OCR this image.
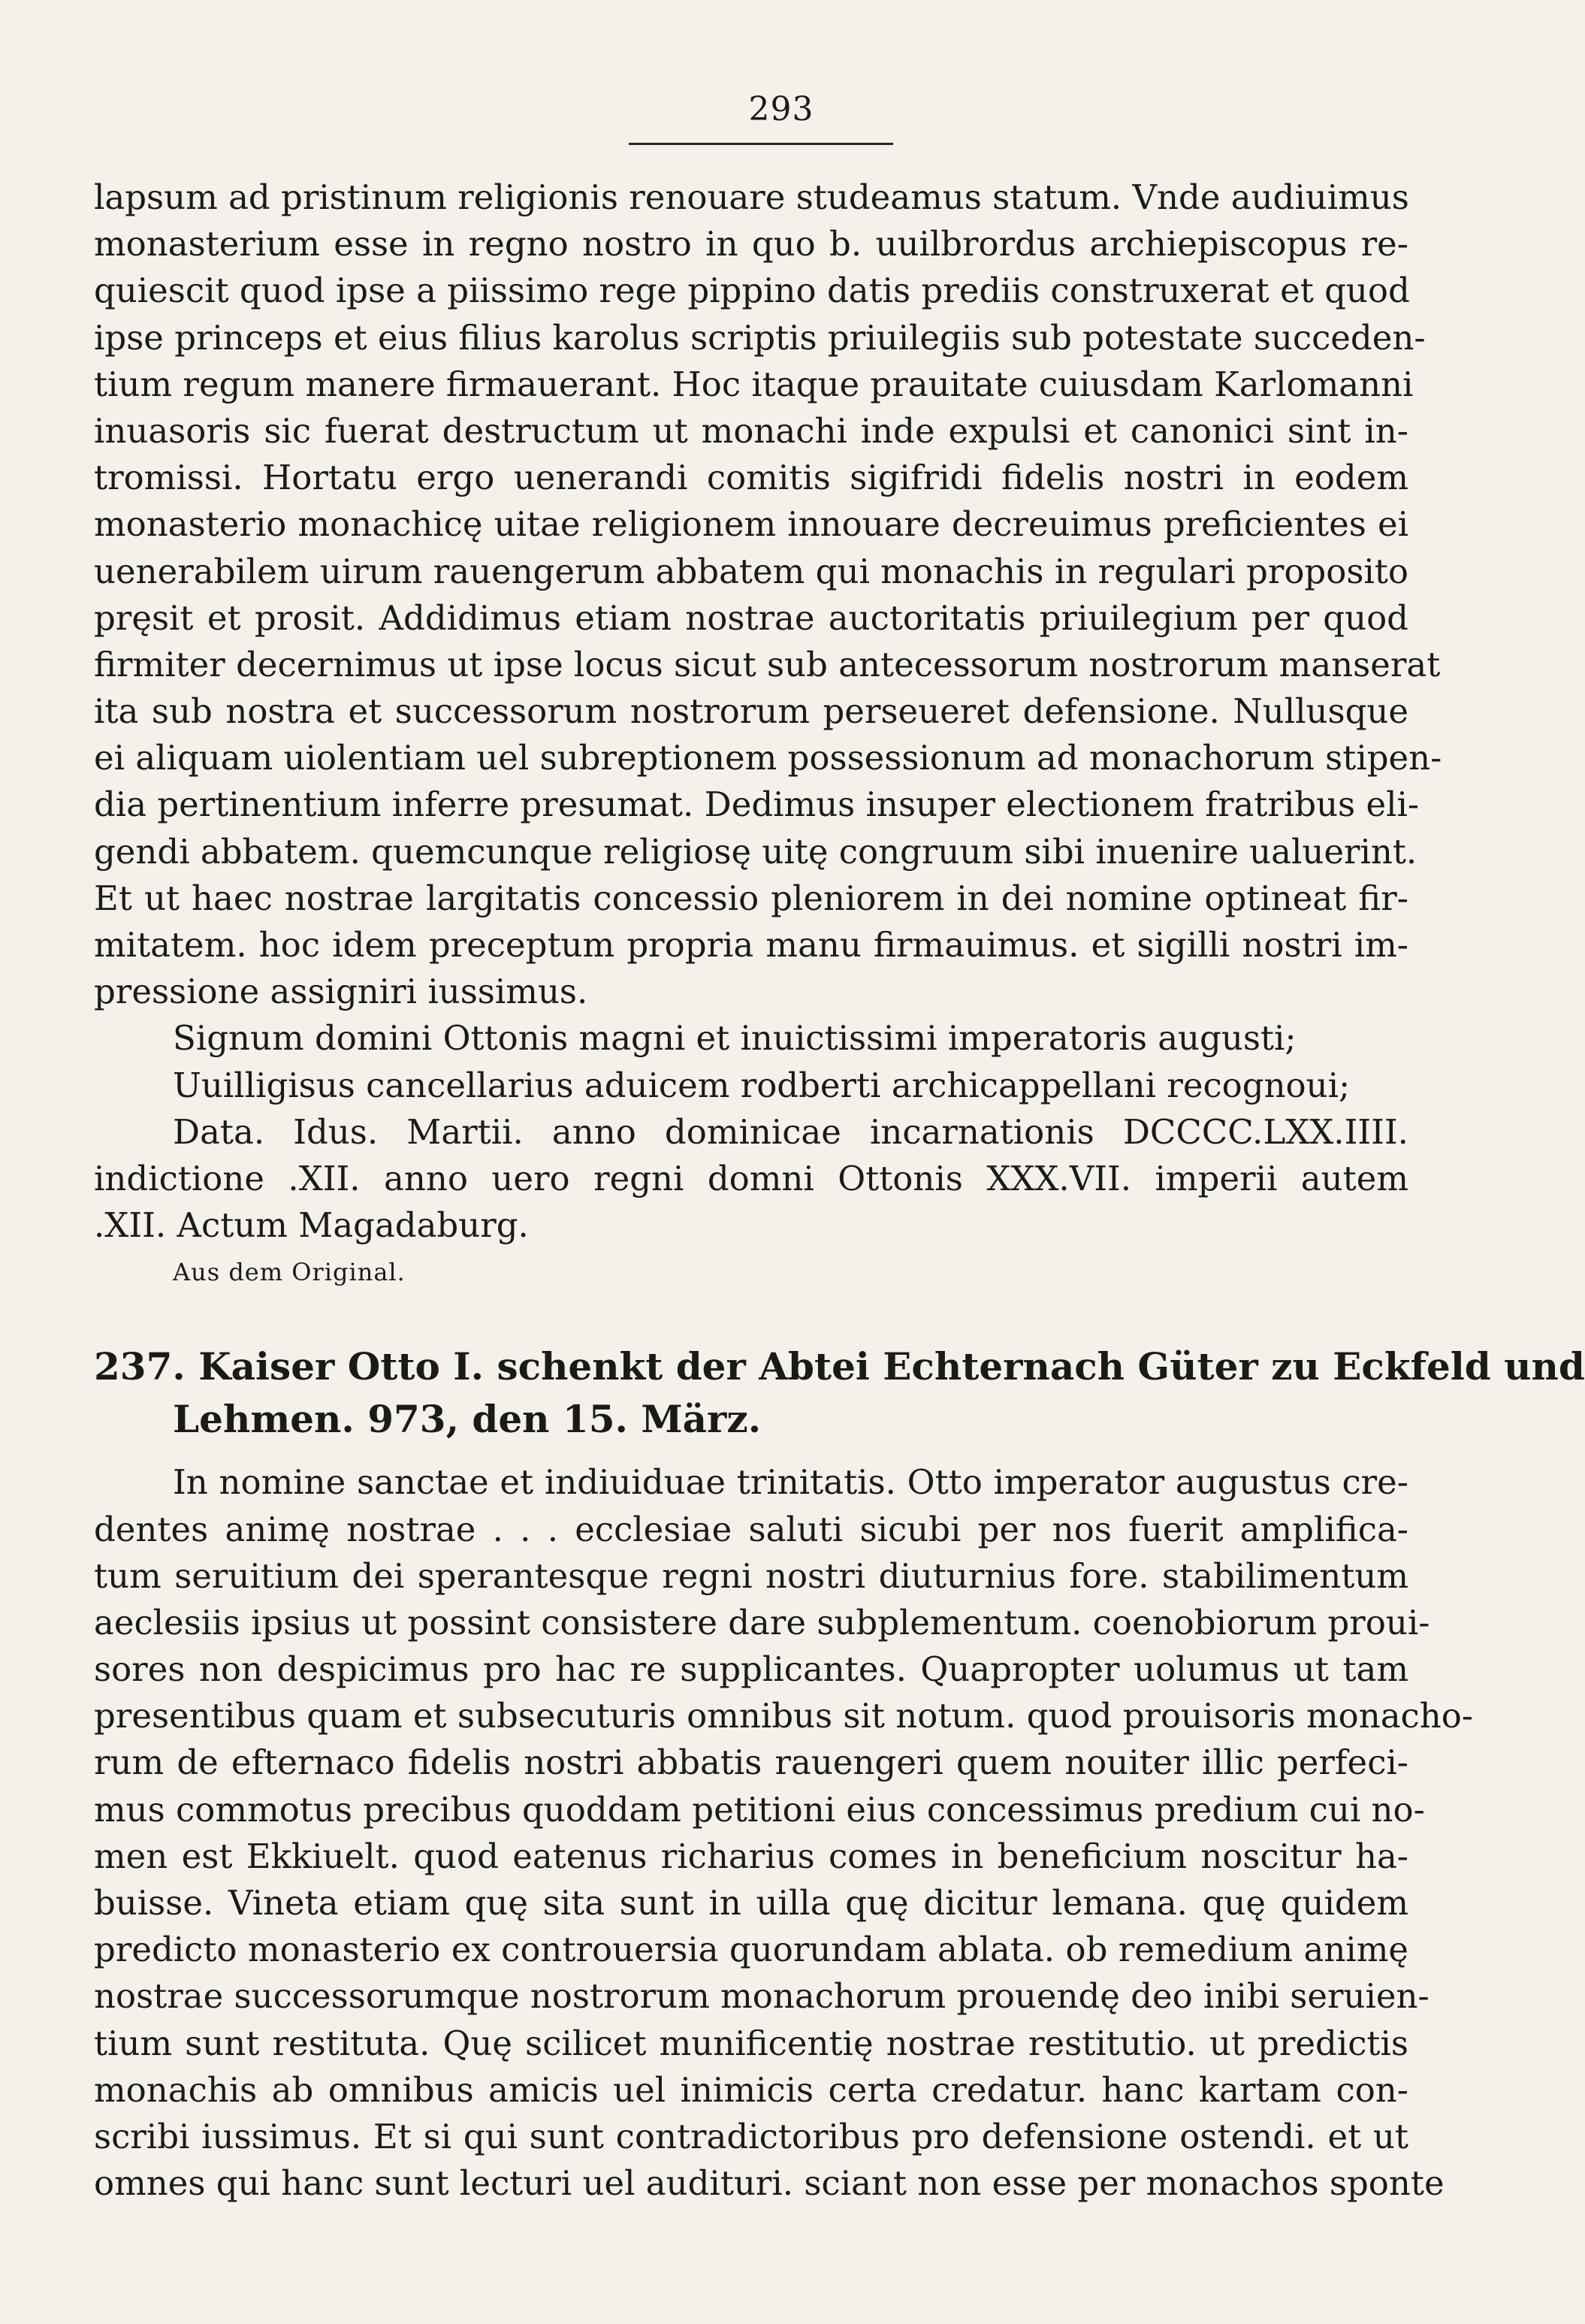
293
lapsum ad pristinum religionis renouare studeamus statum. Vnde audiuimus
monasterium esse in regno nostro in quo b. uuilbrordus archiepiscopus re-
quiescit quod ipse a piissimo rege pippino datis prediis construxerat et quod
ipse princeps et eius filius karolus scriptis priuilegiis sub potestate succeden-
tium regum manere firmauerant. Hoc itaque prauitate cuiusdam Karlomanni
inuasoris sic fuerat destructum ut monachi inde expulsi et canonici sint in-
tromissi. Hortatu ergo uenerandi comitis sigifridi fidelis nostri in eodem
monasterio monachicę uitae religionem innouare decreuimus preficientes ei
uenerabilem uirum rauengerum abbatem qui monachis in regulari proposito
pręsit et prosit. Addidimus etiam nostrae auctoritatis priuilegium per quod
firmiter decernimus ut ipse locus sicut sub antecessorum nostrorum manserat
ita sub nostra et successorum nostrorum perseueret defensione. Nullusque
ei aliquam uiolentiam uel subreptionem possessionum ad monachorum stipen-
dia pertinentium inferre presumat. Dedimus insuper electionem fratribus eli-
gendi abbatem. quemcunque religiosę uitę congruum sibi inuenire ualuerint.
Et ut haec nostrae largitatis concessio pleniorem in dei nomine optineat fir-
mitatem. hoc idem preceptum propria manu firmauimus. et sigilli nostri im-
pressione assigniri iussimus.
Signum domini Ottonis magni et inuictissimi imperatoris augusti;
Uuilligisus cancellarius aduicem rodberti archicappellani recognoui;
Data. Idus. Martii. anno dominicae incarnationis DCCCC.LXX.IIII.
indictione .XII. anno uero regni domni Ottonis XXX.VII. imperii autem
.XII. Actum Magadaburg.
Aus dem Original.
237. Kaiser Otto I. schenkt der Abtei Echternach Güter zu Eckfeld und
Lehmen. 973, den 15. März.
In nomine sanctae et indiuiduae trinitatis. Otto imperator augustus cre-
dentes animę nostrae . . . ecclesiae saluti sicubi per nos fuerit amplifica-
tum seruitium dei sperantesque regni nostri diuturnius fore. stabilimentum
aeclesiis ipsius ut possint consistere dare subplementum. coenobiorum proui-
sores non despicimus pro hac re supplicantes. Quapropter uolumus ut tam
presentibus quam et subsecuturis omnibus sit notum. quod prouisoris monacho-
rum de efternaco fidelis nostri abbatis rauengeri quem nouiter illic perfeci-
mus commotus precibus quoddam petitioni eius concessimus predium cui no-
men est Ekkiuelt. quod eatenus richarius comes in beneficium noscitur ha-
buisse. Vineta etiam quę sita sunt in uilla quę dicitur lemana. quę quidem
predicto monasterio ex controuersia quorundam ablata. ob remedium animę
nostrae successorumque nostrorum monachorum prouendę deo inibi seruien-
tium sunt restituta. Quę scilicet munificentię nostrae restitutio. ut predictis
monachis ab omnibus amicis uel inimicis certa credatur. hanc kartam con-
scribi iussimus. Et si qui sunt contradictoribus pro defensione ostendi. et ut
omnes qui hanc sunt lecturi uel audituri. sciant non esse per monachos sponte
